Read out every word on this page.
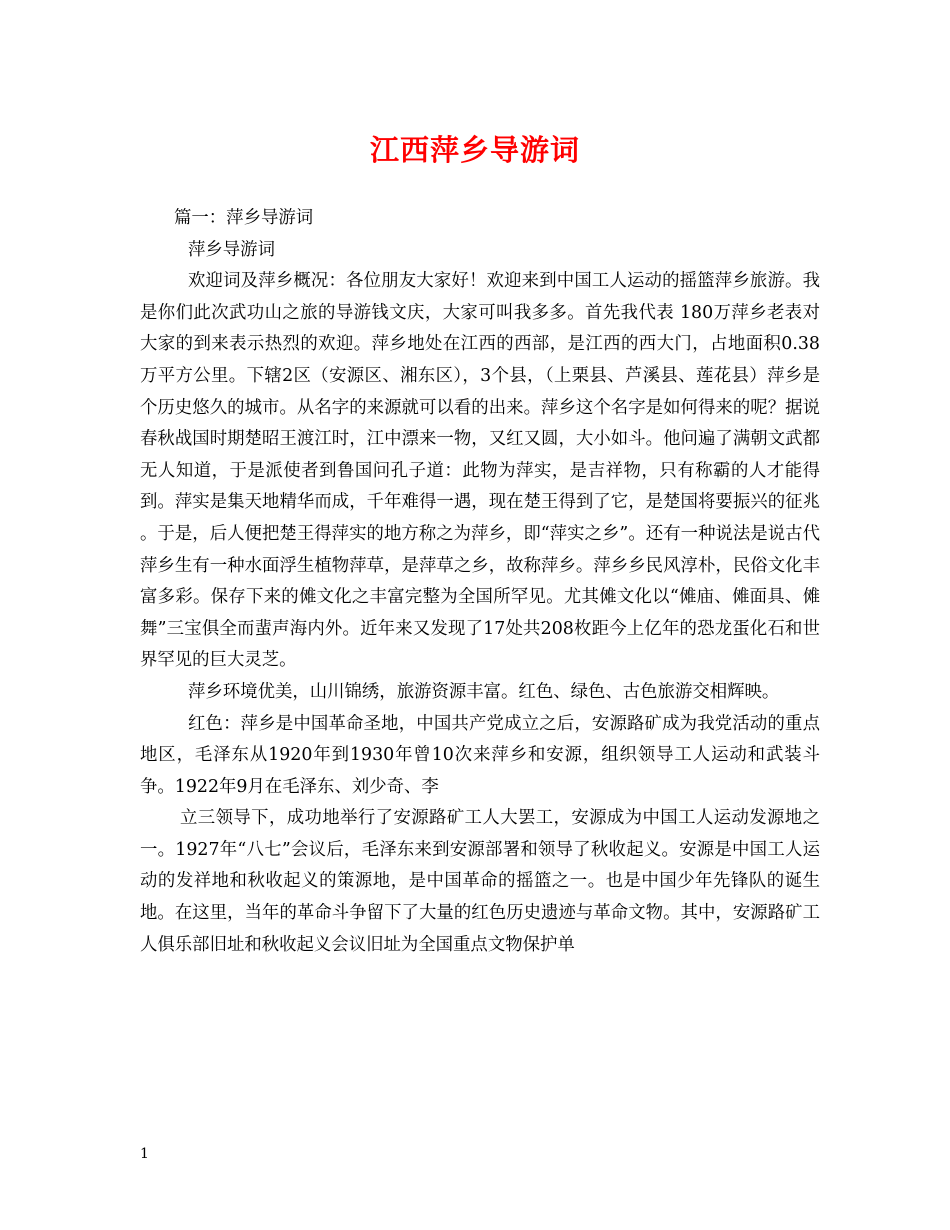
江西萍乡导游词
篇一：萍乡导游词
萍乡导游词

欢迎词及萍乡概况：各位朋友大家好！欢迎来到中国工人运动的摇篮萍乡旅游。我是你们此次武功山之旅的导游钱文庆，大家可叫我多多。首先我代表 180万萍乡老表对大家的到来表示热烈的欢迎。萍乡地处在江西的西部，是江西的西大门，占地面积0.38万平方公里。下辖2区（安源区、湘东区），3个县，（上栗县、芦溪县、莲花县）萍乡是个历史悠久的城市。从名字的来源就可以看的出来。萍乡这个名字是如何得来的呢？据说春秋战国时期楚昭王渡江时，江中漂来一物，又红又圆，大小如斗。他问遍了满朝文武都无人知道，于是派使者到鲁国问孔子道：此物为萍实，是吉祥物，只有称霸的人才能得到。萍实是集天地精华而成，千年难得一遇，现在楚王得到了它，是楚国将要振兴的征兆 。于是，后人便把楚王得萍实的地方称之为萍乡，即“萍实之乡”。还有一种说法是说古代萍乡生有一种水面浮生植物萍草，是萍草之乡，故称萍乡。萍乡乡民风淳朴，民俗文化丰富多彩。保存下来的傩文化之丰富完整为全国所罕见。尤其傩文化以“傩庙、傩面具、傩舞”三宝俱全而蜚声海内外。近年来又发现了17处共208枚距今上亿年的恐龙蛋化石和世界罕见的巨大灵芝。

萍乡环境优美，山川锦绣，旅游资源丰富。红色、绿色、古色旅游交相辉映。

红色：萍乡是中国革命圣地，中国共产党成立之后，安源路矿成为我党活动的重点地区，毛泽东从1920年到1930年曾10次来萍乡和安源，组织领导工人运动和武装斗争。1922年9月在毛泽东、刘少奇、李

立三领导下，成功地举行了安源路矿工人大罢工，安源成为中国工人运动发源地之一。1927年“八七”会议后，毛泽东来到安源部署和领导了秋收起义。安源是中国工人运动的发祥地和秋收起义的策源地，是中国革命的摇篮之一。也是中国少年先锋队的诞生地。在这里，当年的革命斗争留下了大量的红色历史遗迹与革命文物。其中，安源路矿工人俱乐部旧址和秋收起义会议旧址为全国重点文物保护单

1
